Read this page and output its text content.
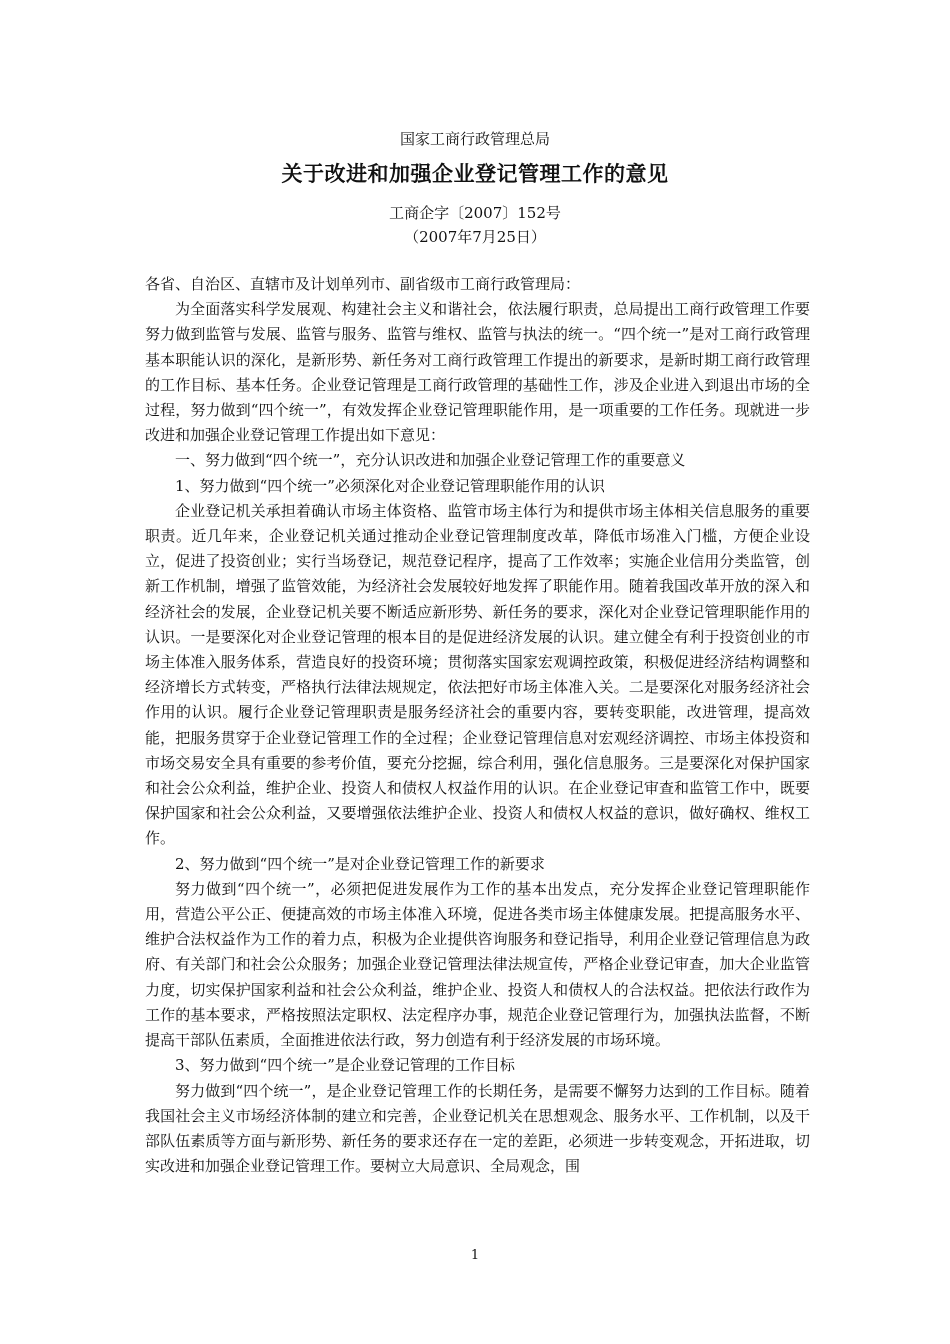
国家工商行政管理总局
关于改进和加强企业登记管理工作的意见
工商企字〔2007〕152号
（2007年7月25日）

各省、自治区、直辖市及计划单列市、副省级市工商行政管理局：

为全面落实科学发展观、构建社会主义和谐社会，依法履行职责，总局提出工商行政管理工作要努力做到监管与发展、监管与服务、监管与维权、监管与执法的统一。“四个统一”是对工商行政管理基本职能认识的深化，是新形势、新任务对工商行政管理工作提出的新要求，是新时期工商行政管理的工作目标、基本任务。企业登记管理是工商行政管理的基础性工作，涉及企业进入到退出市场的全过程，努力做到“四个统一”，有效发挥企业登记管理职能作用，是一项重要的工作任务。现就进一步改进和加强企业登记管理工作提出如下意见：

一、努力做到“四个统一”，充分认识改进和加强企业登记管理工作的重要意义

1、努力做到“四个统一”必须深化对企业登记管理职能作用的认识

企业登记机关承担着确认市场主体资格、监管市场主体行为和提供市场主体相关信息服务的重要职责。近几年来，企业登记机关通过推动企业登记管理制度改革，降低市场准入门槛，方便企业设立，促进了投资创业；实行当场登记，规范登记程序，提高了工作效率；实施企业信用分类监管，创新工作机制，增强了监管效能，为经济社会发展较好地发挥了职能作用。随着我国改革开放的深入和经济社会的发展，企业登记机关要不断适应新形势、新任务的要求，深化对企业登记管理职能作用的认识。一是要深化对企业登记管理的根本目的是促进经济发展的认识。建立健全有利于投资创业的市场主体准入服务体系，营造良好的投资环境；贯彻落实国家宏观调控政策，积极促进经济结构调整和经济增长方式转变，严格执行法律法规规定，依法把好市场主体准入关。二是要深化对服务经济社会作用的认识。履行企业登记管理职责是服务经济社会的重要内容，要转变职能，改进管理，提高效能，把服务贯穿于企业登记管理工作的全过程；企业登记管理信息对宏观经济调控、市场主体投资和市场交易安全具有重要的参考价值，要充分挖掘，综合利用，强化信息服务。三是要深化对保护国家和社会公众利益，维护企业、投资人和债权人权益作用的认识。在企业登记审查和监管工作中，既要保护国家和社会公众利益，又要增强依法维护企业、投资人和债权人权益的意识，做好确权、维权工作。

2、努力做到“四个统一”是对企业登记管理工作的新要求

努力做到“四个统一”，必须把促进发展作为工作的基本出发点，充分发挥企业登记管理职能作用，营造公平公正、便捷高效的市场主体准入环境，促进各类市场主体健康发展。把提高服务水平、维护合法权益作为工作的着力点，积极为企业提供咨询服务和登记指导，利用企业登记管理信息为政府、有关部门和社会公众服务；加强企业登记管理法律法规宣传，严格企业登记审查，加大企业监管力度，切实保护国家利益和社会公众利益，维护企业、投资人和债权人的合法权益。把依法行政作为工作的基本要求，严格按照法定职权、法定程序办事，规范企业登记管理行为，加强执法监督，不断提高干部队伍素质，全面推进依法行政，努力创造有利于经济发展的市场环境。

3、努力做到“四个统一”是企业登记管理的工作目标

努力做到“四个统一”，是企业登记管理工作的长期任务，是需要不懈努力达到的工作目标。随着我国社会主义市场经济体制的建立和完善，企业登记机关在思想观念、服务水平、工作机制，以及干部队伍素质等方面与新形势、新任务的要求还存在一定的差距，必须进一步转变观念，开拓进取，切实改进和加强企业登记管理工作。要树立大局意识、全局观念，围

1
